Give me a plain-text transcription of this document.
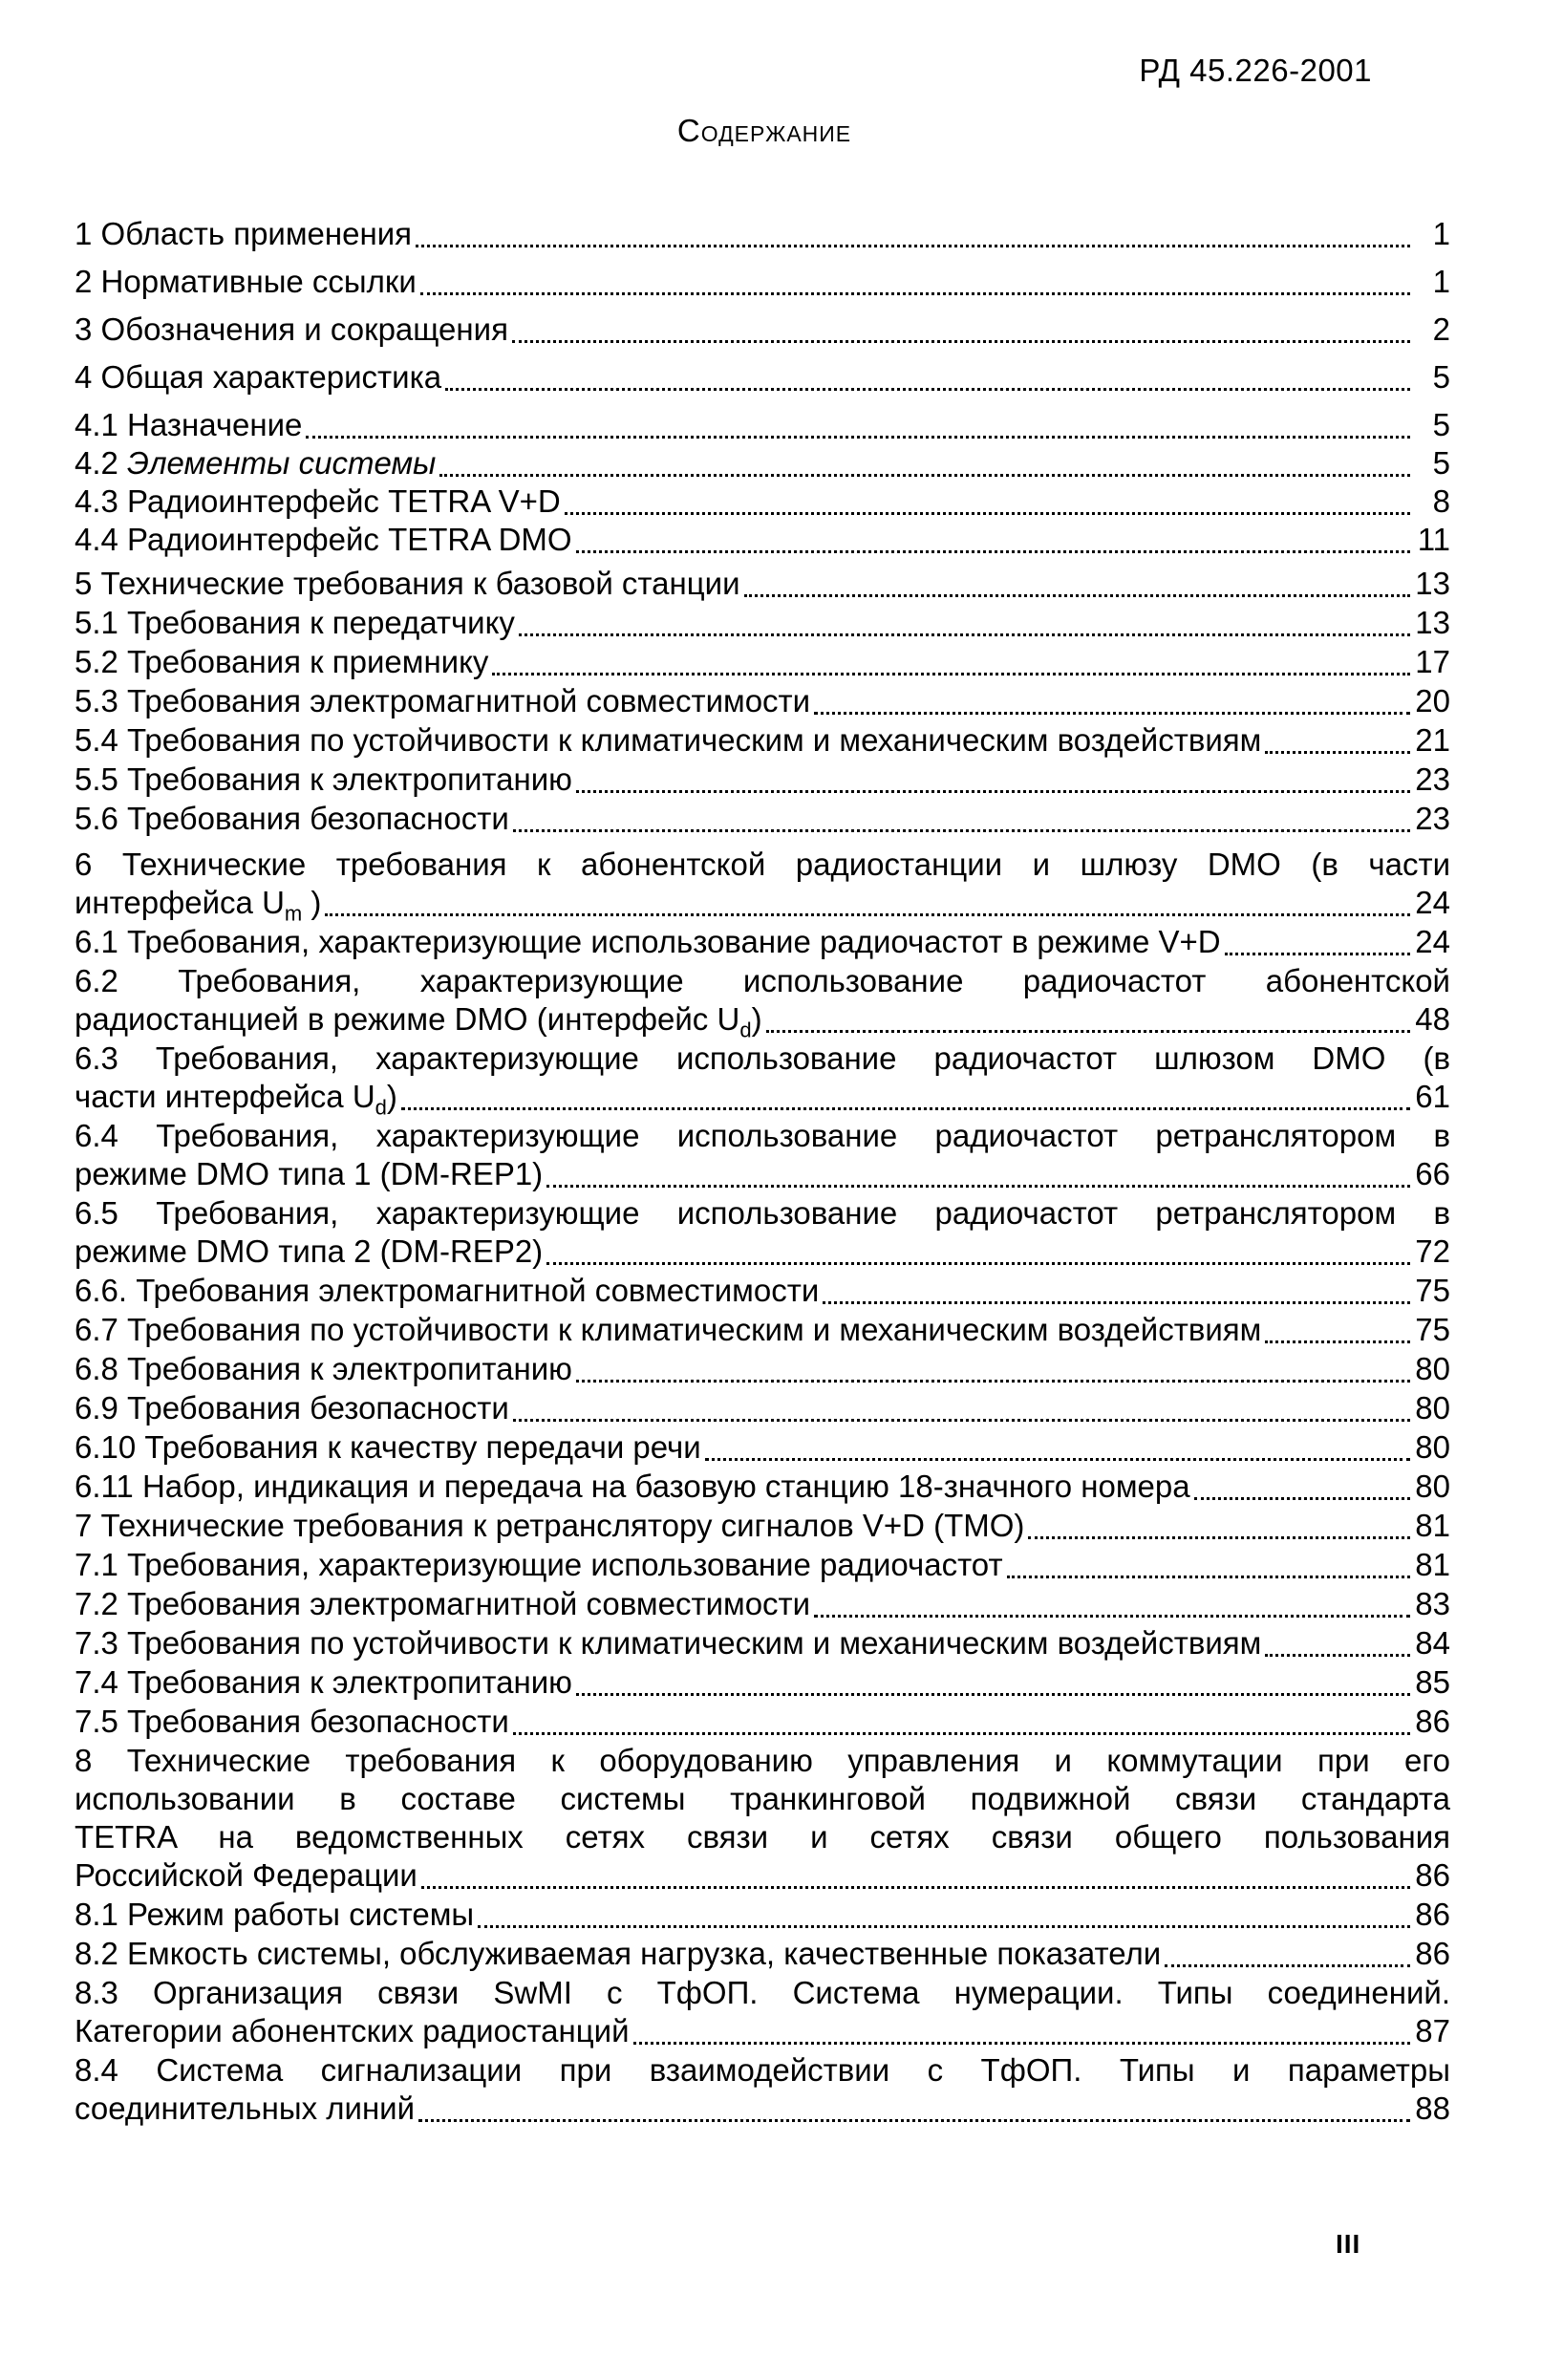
РД 45.226-2001
Содержание
1 Область применения	1
2 Нормативные ссылки	1
3 Обозначения и сокращения	2
4 Общая характеристика	5
4.1 Назначение	5
4.2 Элементы системы	5
4.3 Радиоинтерфейс TETRA V+D	8
4.4 Радиоинтерфейс TETRA DMO	11
5 Технические требования к базовой станции	13
5.1 Требования к передатчику	13
5.2 Требования к приемнику	17
5.3 Требования электромагнитной совместимости	20
5.4 Требования по устойчивости к климатическим и механическим воздействиям	21
5.5 Требования к электропитанию	23
5.6 Требования безопасности	23
6 Технические требования к абонентской радиостанции и шлюзу DMO (в части
интерфейса $U_m$ )	24
6.1 Требования, характеризующие использование радиочастот в режиме V+D	24
6.2 Требования, характеризующие использование радиочастот абонентской
радиостанцией в режиме DMO (интерфейс $U_d$)	48
6.3 Требования, характеризующие использование радиочастот шлюзом DMO (в
части интерфейса $U_d$)	61
6.4 Требования, характеризующие использование радиочастот ретранслятором в
режиме DMO типа 1 (DM-REP1)	66
6.5 Требования, характеризующие использование радиочастот ретранслятором в
режиме DMO типа 2 (DM-REP2)	72
6.6. Требования электромагнитной совместимости	75
6.7 Требования по устойчивости к климатическим и механическим воздействиям	75
6.8 Требования к электропитанию	80
6.9 Требования безопасности	80
6.10 Требования к качеству передачи речи	80
6.11 Набор, индикация и передача на базовую станцию 18-значного номера	80
7 Технические требования к ретранслятору сигналов V+D (TMO)	81
7.1 Требования, характеризующие использование радиочастот	81
7.2 Требования электромагнитной совместимости	83
7.3 Требования по устойчивости к климатическим и механическим воздействиям	84
7.4 Требования к электропитанию	85
7.5 Требования безопасности	86
8 Технические требования к оборудованию управления и коммутации при его
использовании в составе системы транкинговой подвижной связи стандарта
TETRA на ведомственных сетях связи и сетях связи общего пользования
Российской Федерации	86
8.1 Режим работы системы	86
8.2 Емкость системы, обслуживаемая нагрузка, качественные показатели	86
8.3 Организация связи SwMI с ТфОП. Система нумерации. Типы соединений.
Категории абонентских радиостанций	87
8.4 Система сигнализации при взаимодействии с ТфОП. Типы и параметры
соединительных линий	88
III
